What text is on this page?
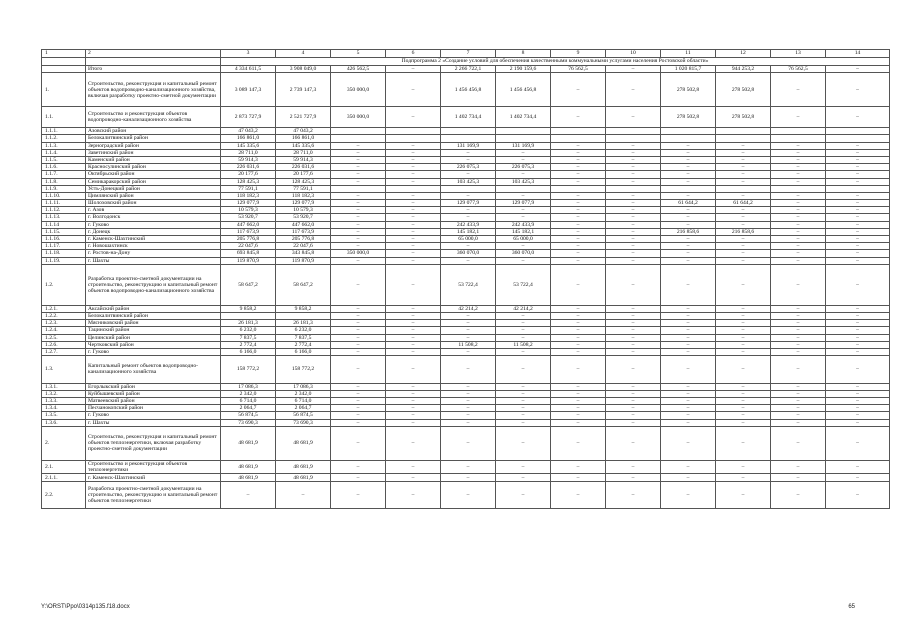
1	2	3	4	5	6	7	8	9	10	11	12	13	14
		Подпрограмма 2 «Создание условий для обеспечения качественными коммунальными услугами населения Ростовской области»											
	Итого	4 334 611,5	3 908 049,0	426 562,5	–	2 266 722,1	2 190 159,6	76 562,5	–	1 020 815,7	944 253,2	76 562,5	–
1.	Строительство, реконструкция и капитальный ремонт объектов водопроводно-канализационного хозяйства, включая разработку проектно-сметной документации	3 089 147,3	2 739 147,3	350 000,0	–	1 456 456,8	1 456 456,8	–	–	278 502,8	278 502,8	–	–
1.1.	Строительство и реконструкция объектов водопроводно-канализационного хозяйства	2 873 727,9	2 521 727,9	350 000,0	–	1 402 734,4	1 402 734,4	–	–	278 502,8	278 502,8	–	–
1.1.1.	Азовский район	47 043,2	47 043,2										
1.1.2.	Белокалитвинский район	166 861,0	166 861,0										
1.1.3.	Зерноградский район	145 335,6	145 335,6	–	–	131 169,9	131 169,9	–	–	–	–	–	–
1.1.4.	Заветинский район	28 711,0	28 711,0	–	–	–	–	–	–	–	–	–	–
1.1.5.	Каменский район	59 914,3	59 914,3	–	–	–	–	–	–	–	–	–	–
1.1.6.	Красносулинский район	226 031,6	226 031,6	–	–	226 075,3	226 075,3	–	–	–	–	–	–
1.1.7.	Октябрьский район	20 177,6	20 177,6	–	–	–	–	–	–	–	–	–	–
1.1.8.	Семикаракорский район	128 425,3	128 425,3	–	–	103 425,3	103 425,3	–	–	–	–	–	–
1.1.9.	Усть-Донецкий район	77 591,1	77 591,1										
1.1.10.	Цимлянский район	118 182,3	118 182,3	–	–	–	–	–	–	–	–	–	–
1.1.11.	Шолоховский район	129 077,9	129 077,9	–	–	129 077,9	129 077,9	–	–	61 644,2	61 644,2	–	–
1.1.12.	г. Азов	10 579,3	10 579,3	–	–	–	–	–	–	–	–	–	–
1.1.13.	г. Волгодонск	53 920,7	53 920,7	–	–	–	–	–	–	–	–	–	–
1.1.14	г. Гуково	447 662,0	447 662,0	–	–	242 433,9	242 433,9	–	–	–	–	–	–
1.1.15.	г. Донецк	117 673,9	117 673,9	–	–	145 182,1	145 182,1	–	–	216 858,6	216 858,6	–	–
1.1.16.	г. Каменск-Шахтинский	205 776,8	205 776,8	–	–	65 000,0	65 000,0	–	–	–	–	–	–
1.1.17.	г. Новошахтинск	22 047,6	22 047,6	–	–	–	–	–	–	–	–	–	–
1.1.18.	г. Ростов-на-Дону	693 845,8	343 845,8	350 000,0	–	360 070,0	360 070,0	–	–	–	–	–	–
1.1.19.	г. Шахты	119 870,9	119 870,9	–	–	–	–	–	–	–	–	–	–
1.2.	Разработка проектно-сметной документации на строительство, реконструкцию и капитальный ремонт объектов водопроводно-канализационного хозяйства	58 647,2	58 647,2	–	–	53 722,4	53 722,4	–	–	–	–	–	–
1.2.1.	Аксайский район	9 858,2	9 858,2	–	–	42 214,2	42 214,2	–	–	–	–	–	–
1.2.2.	Белокалитвинский район			–	–	–	–	–	–	–	–	–	–
1.2.3.	Мясниковский район	26 181,3	26 181,3	–	–	–	–	–	–	–	–	–	–
1.2.4.	Тацинский район	6 232,0	6 232,0	–	–	–	–	–	–	–	–	–	–
1.2.5.	Целинский район	7 837,5	7 837,5	–	–	–	–	–	–	–	–	–	–
1.2.6.	Чертковский район	2 772,4	2 772,4	–	–	11 508,2	11 508,2	–	–	–	–	–	–
1.2.7.	г. Гуково	6 166,0	6 166,0	–	–	–	–	–	–	–	–	–	–
1.3.	Капитальный ремонт объектов водопроводно-канализационного хозяйства	158 772,2	158 772,2	–	–	–	–	–	–	–	–	–	–
1.3.1.	Егорлыкский район	17 086,3	17 086,3	–	–	–	–	–	–	–	–	–	–
1.3.2.	Куйбышевский район	2 342,0	2 342,0	–	–	–	–	–	–	–	–	–	–
1.3.3.	Матвеевский район	6 714,0	6 714,0	–	–	–	–	–	–	–	–	–	–
1.3.4.	Песчанокопский район	2 064,7	2 064,7	–	–	–	–	–	–	–	–	–	–
1.3.5.	г. Гуково	56 874,5	56 874,5	–	–	–	–	–	–	–	–	–	–
1.3.6.	г. Шахты	73 690,3	73 690,3	–	–	–	–	–	–	–	–	–	–
2.	Строительство, реконструкция и капитальный ремонт объектов теплоэнергетики, включая разработку проектно-сметной документации	48 681,9	48 681,9	–	–	–	–	–	–	–	–	–	–
2.1.	Строительство и реконструкция объектов теплоэнергетики	48 681,9	48 681,9	–	–	–	–	–	–	–	–	–	–
2.1.1.	г. Каменск-Шахтинский	48 681,9	48 681,9	–	–	–	–	–	–	–	–	–	–
2.2.	Разработка проектно-сметной документации на строительство, реконструкцию и капитальный ремонт объектов теплоэнергетики	–	–	–	–	–	–	–	–	–	–	–	–
Y:\ORST\Ppo\0314p135.f18.docx	65
